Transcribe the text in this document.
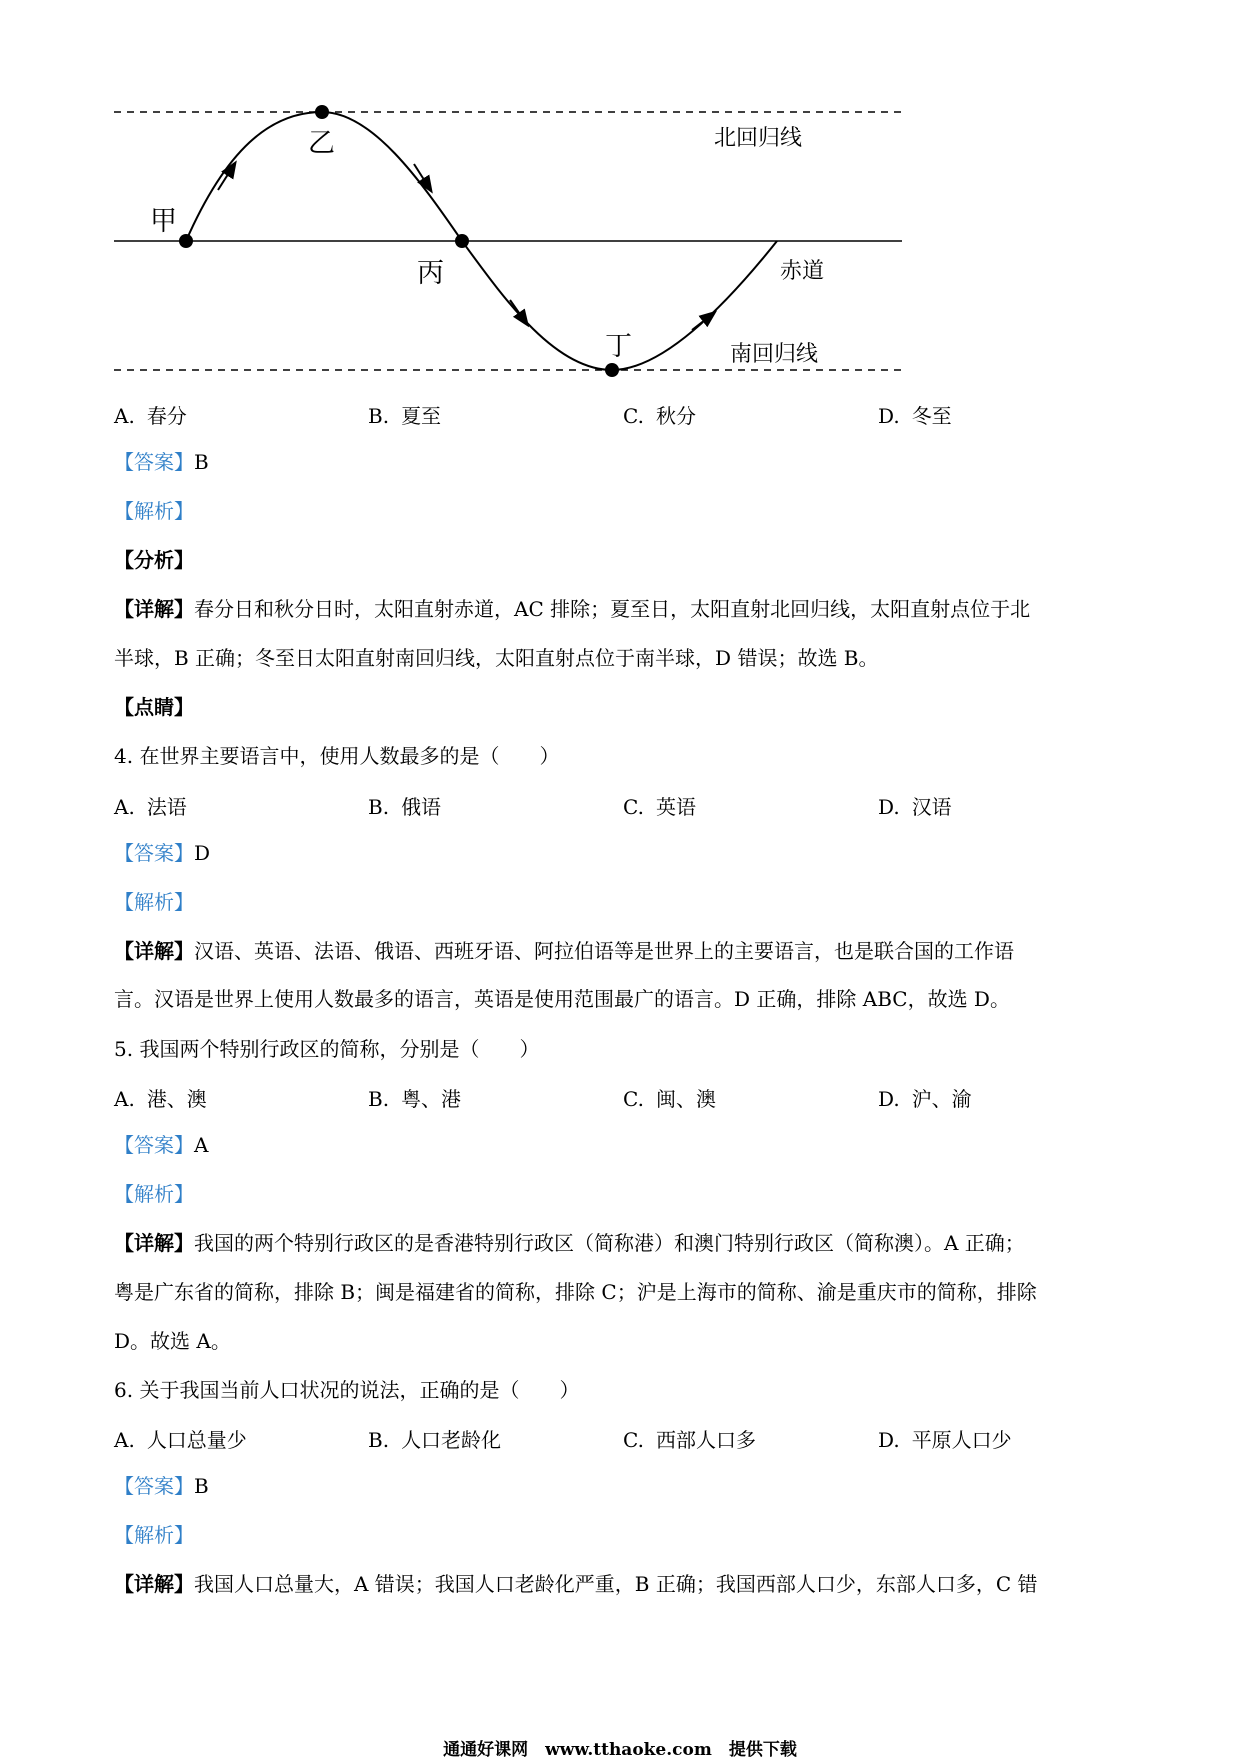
甲
乙
丙
丁
北回归线
赤道
南回归线
A. 春分	B. 夏至	C. 秋分	D. 冬至
【答案】B
【解析】
【分析】
【详解】春分日和秋分日时，太阳直射赤道，AC 排除；夏至日，太阳直射北回归线，太阳直射点位于北
半球，B 正确；冬至日太阳直射南回归线，太阳直射点位于南半球，D 错误；故选 B。
【点睛】
4. 在世界主要语言中，使用人数最多的是（　　）
A. 法语	B. 俄语	C. 英语	D. 汉语
【答案】D
【解析】
【详解】汉语、英语、法语、俄语、西班牙语、阿拉伯语等是世界上的主要语言，也是联合国的工作语
言。汉语是世界上使用人数最多的语言，英语是使用范围最广的语言。D 正确，排除 ABC，故选 D。
5. 我国两个特别行政区的简称，分别是（　　）
A. 港、澳	B. 粤、港	C. 闽、澳	D. 沪、渝
【答案】A
【解析】
【详解】我国的两个特别行政区的是香港特别行政区（简称港）和澳门特别行政区（简称澳）。A 正确；
粤是广东省的简称，排除 B；闽是福建省的简称，排除 C；沪是上海市的简称、渝是重庆市的简称，排除
D。故选 A。
6. 关于我国当前人口状况的说法，正确的是（　　）
A. 人口总量少	B. 人口老龄化	C. 西部人口多	D. 平原人口少
【答案】B
【解析】
【详解】我国人口总量大，A 错误；我国人口老龄化严重，B 正确；我国西部人口少，东部人口多，C 错
通通好课网　www.tthaoke.com　提供下载
